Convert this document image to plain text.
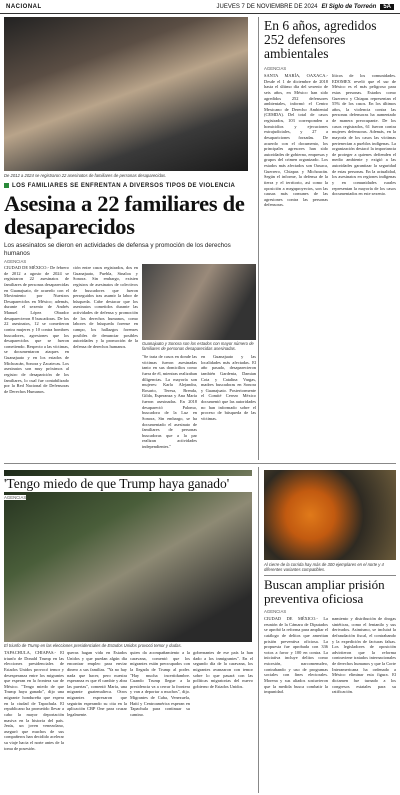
NACIONAL	JUEVES 7 DE NOVIEMBRE DE 2024 El Siglo de Torreón	5A
De 2012 a 2024 se registraron 22 asesinatos de familiares de personas desaparecidas.
LOS FAMILIARES SE ENFRENTAN A DIVERSOS TIPOS DE VIOLENCIA
Asesina a 22 familiares de desaparecidos
Los asesinatos se dieron en actividades de defensa y promoción de los derechos humanos
AGENCIAS
CIUDAD DE MÉXICO.- De febrero de 2012 a agosto de 2024 se registraron 22 asesinatos de familiares de personas desaparecidas en Guanajuato, de acuerdo con el Movimiento por Nuestros Desaparecidos en México; además, durante el sexenio de Andrés Manuel López Obrador desaparecieron 8 buscadoras. De los 22 asesinatos, 12 se cometieron contra mujeres y 10 contra hombres buscadores, agresiones que los desaparecidos que se fueron cometiendo. Respecto a las víctimas, se documentaron ataques en Guanajuato y en los estados de Michoacán, Sonora y Zacatecas. Los asesinatos son muy próximos al registro de desaparición de los familiares, lo cual fue contabilizado por la Red Nacional de Defensoras de Derechos Humanos.
ción entre casos registrados, dos en Guanajuato, Puebla, Sinaloa y Sonora. Sin embargo, existen registros de asesinatos de colectivos de buscadores que fueron perseguidos tras asumir la labor de búsqueda. Cabe destacar que los asesinatos cometidos durante las actividades de defensa y promoción de los derechos humanos, como labores de búsqueda forense en campo, los hallazgos forenses posibles de denunciar posibles autoridades y la promoción de la defensa de derechos humanos.
Guanajuato y Sonora son los estados con mayor número de familiares de personas desaparecidas asesinadas.
"Se trata de casos en donde las víctimas fueron asesinadas tanto en sus domicilios como fuera de él, mientras realizaban diligencias. La mayoría son mujeres: Karla Alejandra, Rosario, Teresa, Brenda, Gilda, Esperanza y Ana María fueron asesinadas. En 2018 desapareció Palomo, buscadora de la Luz en Sonora, Sin embargo, se ha documentado el asesinato de familiares de personas buscadoras que a la par realizan actividades independientes."
en Guanajuato y las localidades más afectadas. El año pasado, desaparecieron también Gardenia, Damian Cota y Catalina Vargas, madres buscadoras en Sonora y Guanajuato. Posteriormente el Comité Cerezo México documentó que las autoridades no han informado sobre el proceso de búsqueda de las víctimas.
En 6 años, agredidos 252 defensores ambientales
AGENCIAS
SANTA MARÍA, OAXACA.- Desde el 1 de diciembre de 2018 hasta el último día del sexenio de seis años, en México han sido agredidos 252 defensores ambientales, informó el Centro Mexicano de Derecho Ambiental (CEMDA). Del total de casos registrados, 103 corresponden a homicidios y ejecuciones extrajudiciales, y 27 a desapariciones forzadas. De acuerdo con el documento, los principales agresores han sido autoridades de gobierno, empresas y grupos del crimen organizado. Los estados más afectados son Oaxaca, Guerrero, Chiapas y Michoacán. Según el informe, la defensa de la tierra y el territorio, así como la oposición a megaproyectos, son las causas más comunes de las agresiones contra las personas defensoras.
líticos de los comunidades. EDOMEX reveló que el sur de México es el más peligroso para estas personas. Estados como Guerrero y Chiapas representan el 55% de los casos. En los últimos años, la violencia contra las personas defensoras ha aumentado de manera preocupante. De los casos registrados, 61 fueron contra mujeres defensoras. Además, en la mayoría de los casos las víctimas pertenecían a pueblos indígenas. La organización destacó la importancia de proteger a quienes defienden el medio ambiente y exigió a las autoridades garantizar la seguridad de estas personas. En la actualidad, los asesinatos en regiones indígenas y en comunidades rurales representan la mayoría de los casos documentados en este sexenio.
El triunfo de Trump en las elecciones presidenciales de Estados Unidos provocó temor y dudas.
'Tengo miedo de que Trump haya ganado'
AGENCIAS
TAPACHULA, CHIAPAS.- El triunfo de Donald Trump en las elecciones presidenciales de Estados Unidos provocó temor y desesperanza entre los migrantes que esperan en la frontera sur de México. "Tengo miedo de que Trump haya ganado", dijo una migrante hondureña que espera en la ciudad de Tapachula. El republicano ha prometido llevar a cabo la mayor deportación masiva en la historia del país. Jesús, un joven venezolano, aseguró que muchos de sus compañeros han decidido acelerar su viaje hacia el norte antes de la toma de posesión.
queras hagan vida en Estados Unidos y que puedan algún día encontrar empleo para enviar dinero a sus familias. "Ya no hay nada que hacer, pero nuestra esperanza es que él cambie y abra las puertas", comentó María, una migrante guatemalteca. Otros migrantes expresaron que seguirán esperando su cita en la aplicación CBP One para cruzar legalmente.
quien da acompañamiento a la caravana, comentó que los migrantes están preocupados con la llegada de Trump al poder. "Hay mucha incertidumbre. Cuando Trump llegue a la presidencia va a cerrar la frontera y van a deportar a muchos", dijo. Migrantes de Cuba, Venezuela, Haití y Centroamérica esperan en Tapachula para continuar su camino.
gobernantes de ese país la han dado a los inmigrantes". En el segundo día de la caravana, los migrantes avanzaron con temor sobre lo que pasará con las políticas migratorias del nuevo gobierno de Estados Unidos.
Al cierre de la corrida hay más de 300 ejemplares en el norte y 4 diferentes variantes compatibles.
Buscan ampliar prisión preventiva oficiosa
AGENCIAS
CIUDAD DE MÉXICO.- La reunión de la Cámara de Diputados se aprobó la reforma para ampliar el catálogo de delitos que ameritan prisión preventiva oficiosa. La propuesta fue aprobada con 336 votos a favor y 100 en contra. La iniciativa incluye delitos como extorsión, narcomenudeo, contrabando y uso de programas sociales con fines electorales. Morena y sus aliados sostuvieron que la medida busca combatir la impunidad.
namiento y distribución de drogas sintéticas, como el fentanilo y sus derivados. Asimismo, se incluirá la defraudación fiscal, el contrabando y la expedición de facturas falsas. Los legisladores de oposición advirtieron que la reforma contraviene tratados internacionales de derechos humanos y que la Corte Interamericana ha ordenado a México eliminar esta figura. El dictamen fue turnado a los congresos estatales para su ratificación.
